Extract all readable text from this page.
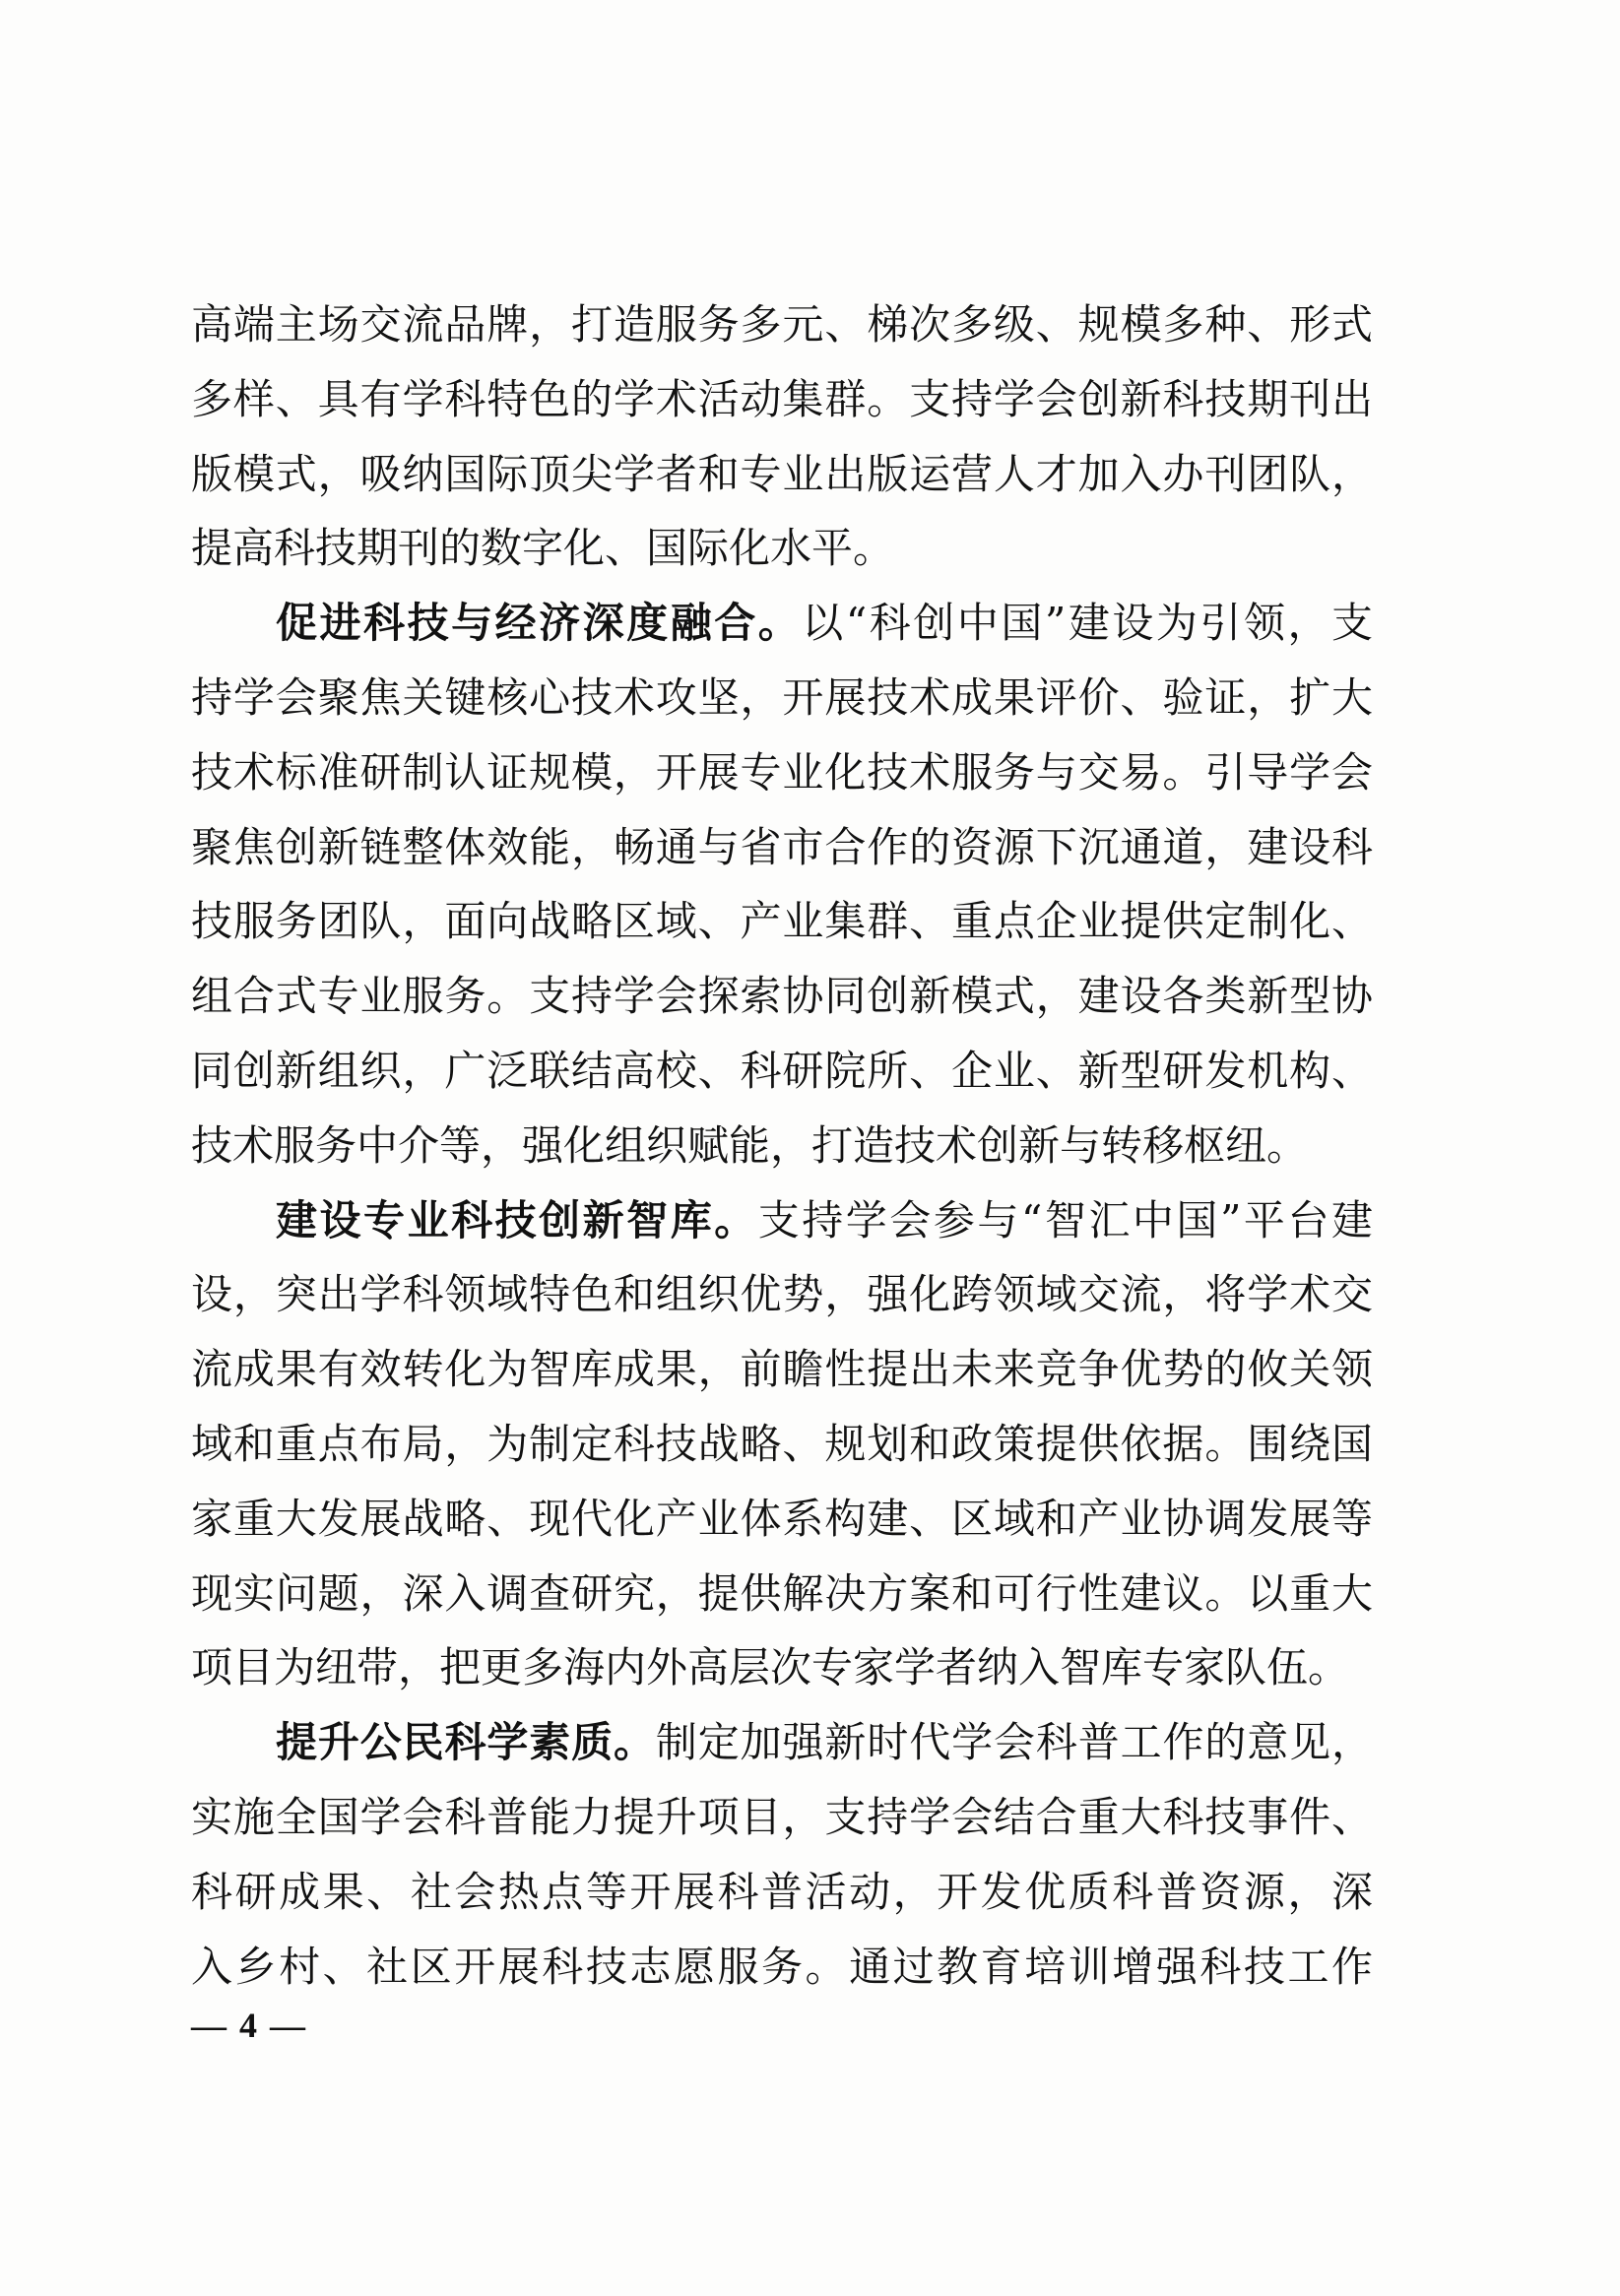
高端主场交流品牌，打造服务多元、梯次多级、规模多种、形式
多样、具有学科特色的学术活动集群。支持学会创新科技期刊出
版模式，吸纳国际顶尖学者和专业出版运营人才加入办刊团队，
提高科技期刊的数字化、国际化水平。
促进科技与经济深度融合。以“科创中国”建设为引领，支
持学会聚焦关键核心技术攻坚，开展技术成果评价、验证，扩大
技术标准研制认证规模，开展专业化技术服务与交易。引导学会
聚焦创新链整体效能，畅通与省市合作的资源下沉通道，建设科
技服务团队，面向战略区域、产业集群、重点企业提供定制化、
组合式专业服务。支持学会探索协同创新模式，建设各类新型协
同创新组织，广泛联结高校、科研院所、企业、新型研发机构、
技术服务中介等，强化组织赋能，打造技术创新与转移枢纽。
建设专业科技创新智库。支持学会参与“智汇中国”平台建
设，突出学科领域特色和组织优势，强化跨领域交流，将学术交
流成果有效转化为智库成果，前瞻性提出未来竞争优势的攸关领
域和重点布局，为制定科技战略、规划和政策提供依据。围绕国
家重大发展战略、现代化产业体系构建、区域和产业协调发展等
现实问题，深入调查研究，提供解决方案和可行性建议。以重大
项目为纽带，把更多海内外高层次专家学者纳入智库专家队伍。
提升公民科学素质。制定加强新时代学会科普工作的意见，
实施全国学会科普能力提升项目，支持学会结合重大科技事件、
科研成果、社会热点等开展科普活动，开发优质科普资源，深
入乡村、社区开展科技志愿服务。通过教育培训增强科技工作
— 4 —
